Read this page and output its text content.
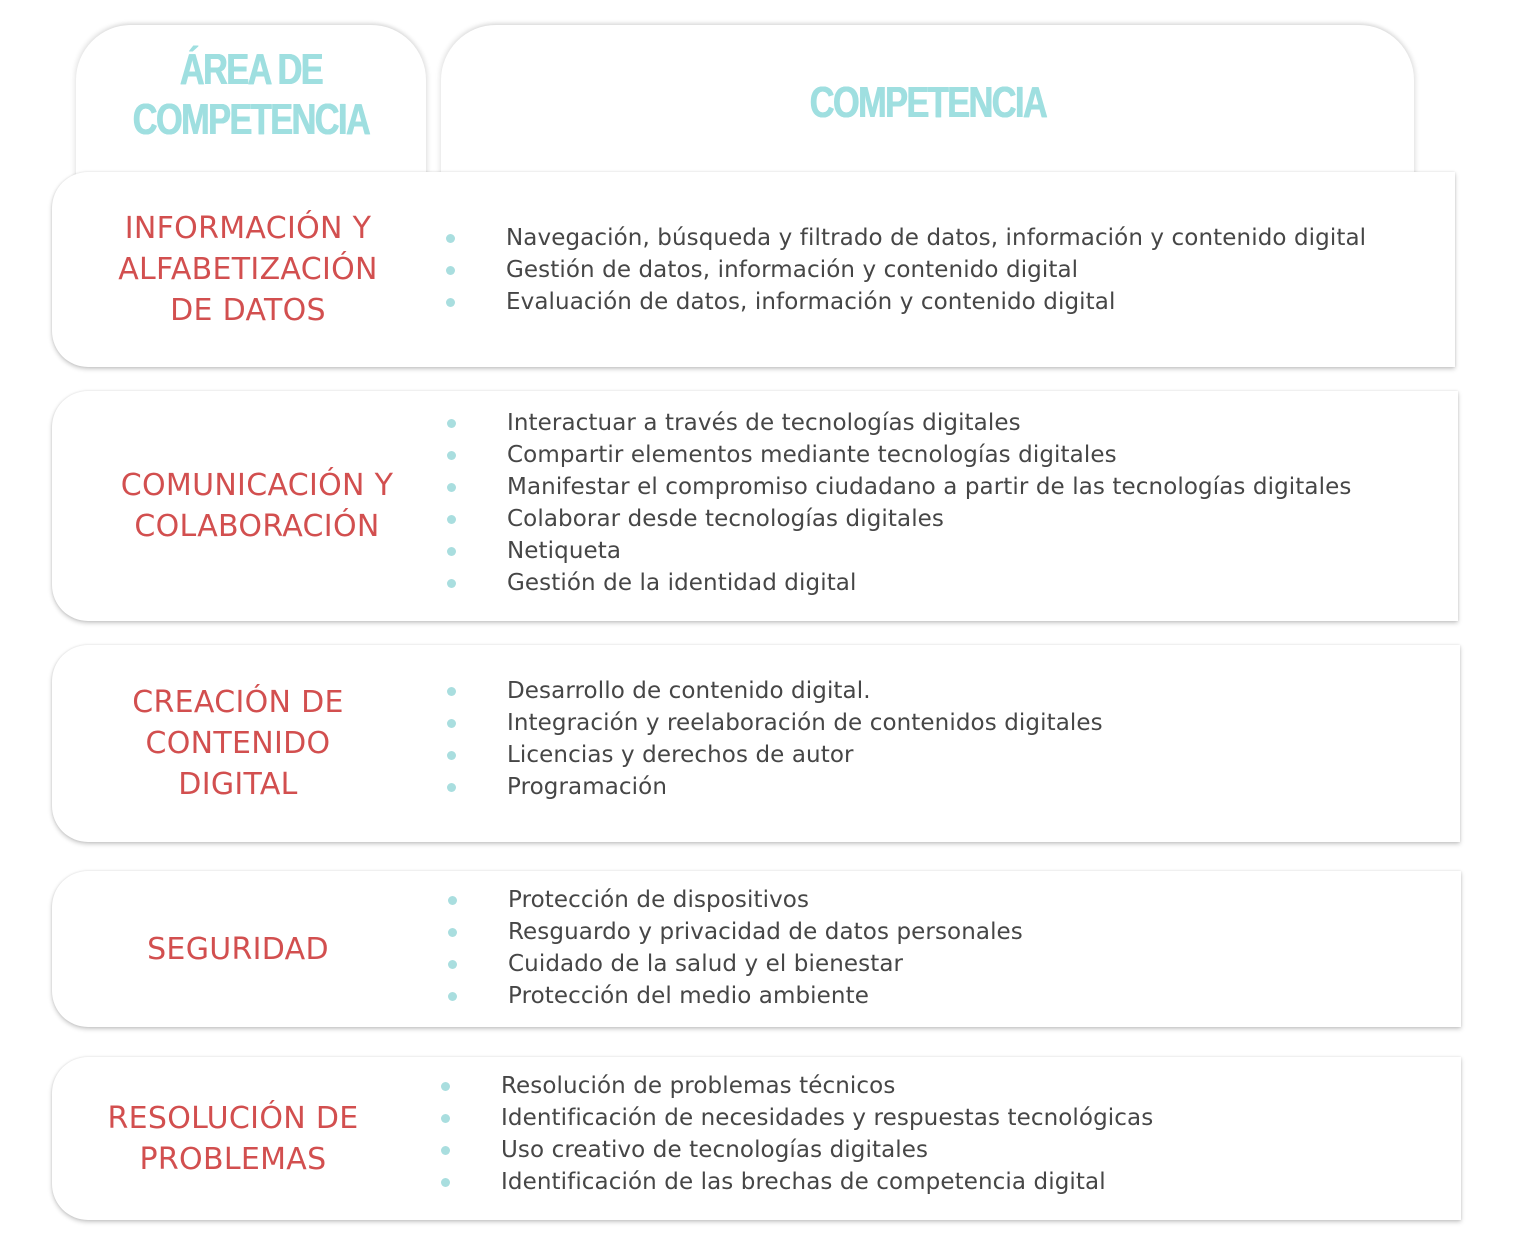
ÁREA DE
COMPETENCIA	COMPETENCIA
INFORMACIÓN Y
ALFABETIZACIÓN
DE DATOS
Navegación, búsqueda y filtrado de datos, información y contenido digital
Gestión de datos, información y contenido digital
Evaluación de datos, información y contenido digital
COMUNICACIÓN Y
COLABORACIÓN
Interactuar a través de tecnologías digitales
Compartir elementos mediante tecnologías digitales
Manifestar el compromiso ciudadano a partir de las tecnologías digitales
Colaborar desde tecnologías digitales
Netiqueta
Gestión de la identidad digital
CREACIÓN DE
CONTENIDO
DIGITAL
Desarrollo de contenido digital.
Integración y reelaboración de contenidos digitales
Licencias y derechos de autor
Programación
SEGURIDAD
Protección de dispositivos
Resguardo y privacidad de datos personales
Cuidado de la salud y el bienestar
Protección del medio ambiente
RESOLUCIÓN DE
PROBLEMAS
Resolución de problemas técnicos
Identificación de necesidades y respuestas tecnológicas
Uso creativo de tecnologías digitales
Identificación de las brechas de competencia digital
